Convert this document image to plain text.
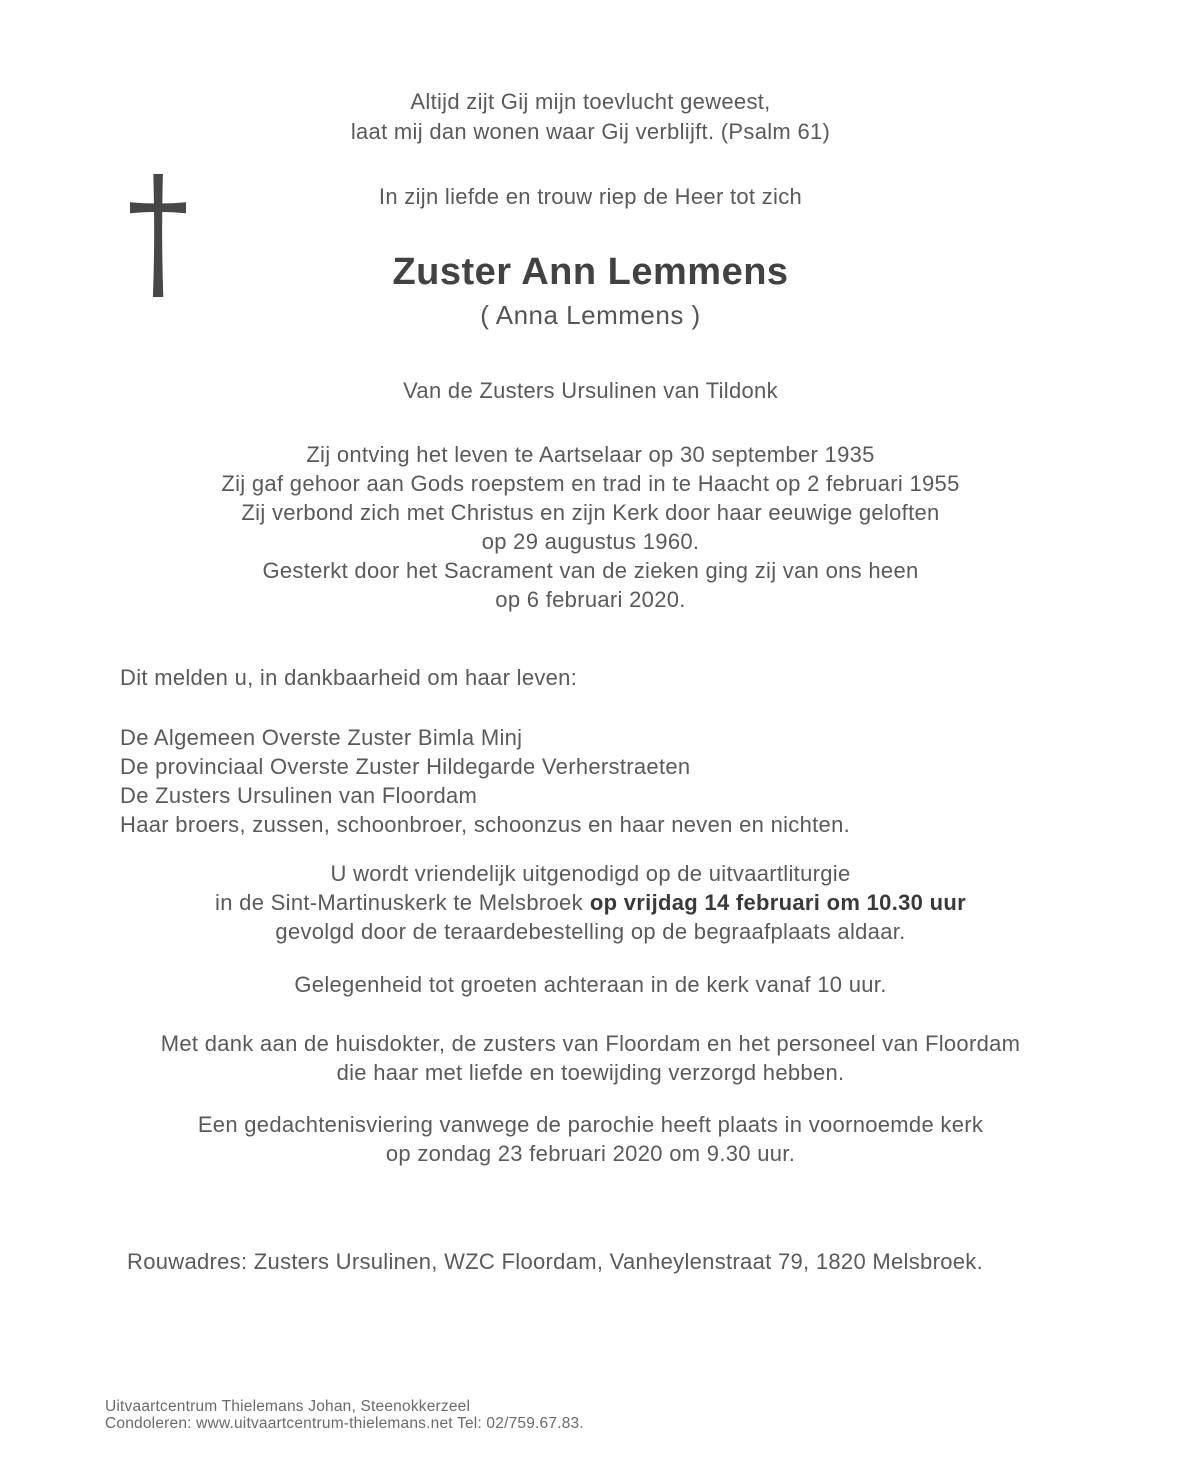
Altijd zijt Gij mijn toevlucht geweest,
laat mij dan wonen waar Gij verblijft. (Psalm 61)
In zijn liefde en trouw riep de Heer tot zich
Zuster Ann Lemmens
( Anna Lemmens )
Van de Zusters Ursulinen van Tildonk
Zij ontving het leven te Aartselaar op 30 september 1935
Zij gaf gehoor aan Gods roepstem en trad in te Haacht op 2 februari 1955
Zij verbond zich met Christus en zijn Kerk door haar eeuwige geloften
op 29 augustus 1960.
Gesterkt door het Sacrament van de zieken ging zij van ons heen
op 6 februari 2020.
Dit melden u, in dankbaarheid om haar leven:
De Algemeen Overste Zuster Bimla Minj
De provinciaal Overste Zuster Hildegarde Verherstraeten
De Zusters Ursulinen van Floordam
Haar broers, zussen, schoonbroer, schoonzus en haar neven en nichten.
U wordt vriendelijk uitgenodigd op de uitvaartliturgie
in de Sint-Martinuskerk te Melsbroek op vrijdag 14 februari om 10.30 uur
gevolgd door de teraardebestelling op de begraafplaats aldaar.
Gelegenheid tot groeten achteraan in de kerk vanaf 10 uur.
Met dank aan de huisdokter, de zusters van Floordam en het personeel van Floordam
die haar met liefde en toewijding verzorgd hebben.
Een gedachtenisviering vanwege de parochie heeft plaats in voornoemde kerk
op zondag 23 februari 2020 om 9.30 uur.
Rouwadres: Zusters Ursulinen, WZC Floordam, Vanheylenstraat 79, 1820 Melsbroek.
Uitvaartcentrum Thielemans Johan, Steenokkerzeel
Condoleren: www.uitvaartcentrum-thielemans.net Tel: 02/759.67.83.
